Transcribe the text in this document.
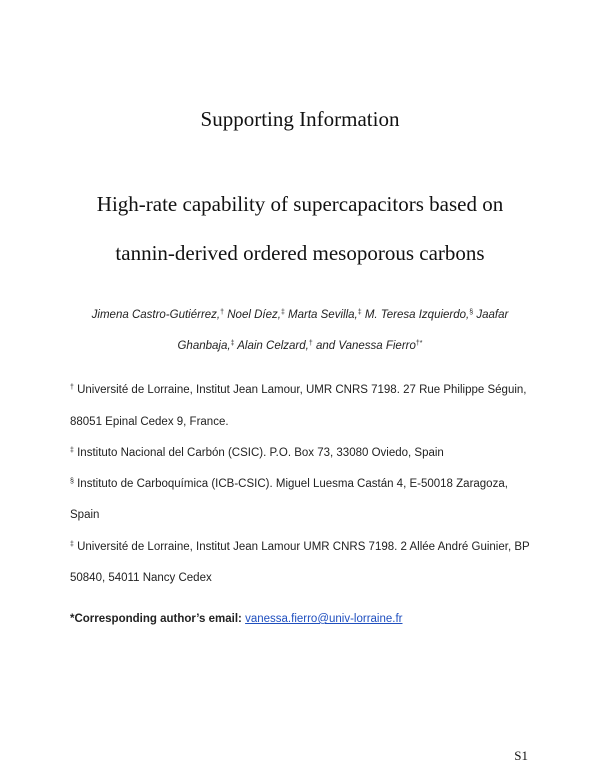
Supporting Information
High-rate capability of supercapacitors based on
tannin-derived ordered mesoporous carbons
Jimena Castro-Gutiérrez,† Noel Díez,‡ Marta Sevilla,‡ M. Teresa Izquierdo,§ Jaafar
Ghanbaja,‡ Alain Celzard,† and Vanessa Fierro†*
† Université de Lorraine, Institut Jean Lamour, UMR CNRS 7198. 27 Rue Philippe Séguin,
88051 Epinal Cedex 9, France.
‡ Instituto Nacional del Carbón (CSIC). P.O. Box 73, 33080 Oviedo, Spain
§ Instituto de Carboquímica (ICB-CSIC). Miguel Luesma Castán 4, E-50018 Zaragoza,
Spain
‡ Université de Lorraine, Institut Jean Lamour UMR CNRS 7198. 2 Allée André Guinier, BP
50840, 54011 Nancy Cedex
*Corresponding author’s email: vanessa.fierro@univ-lorraine.fr
S1
